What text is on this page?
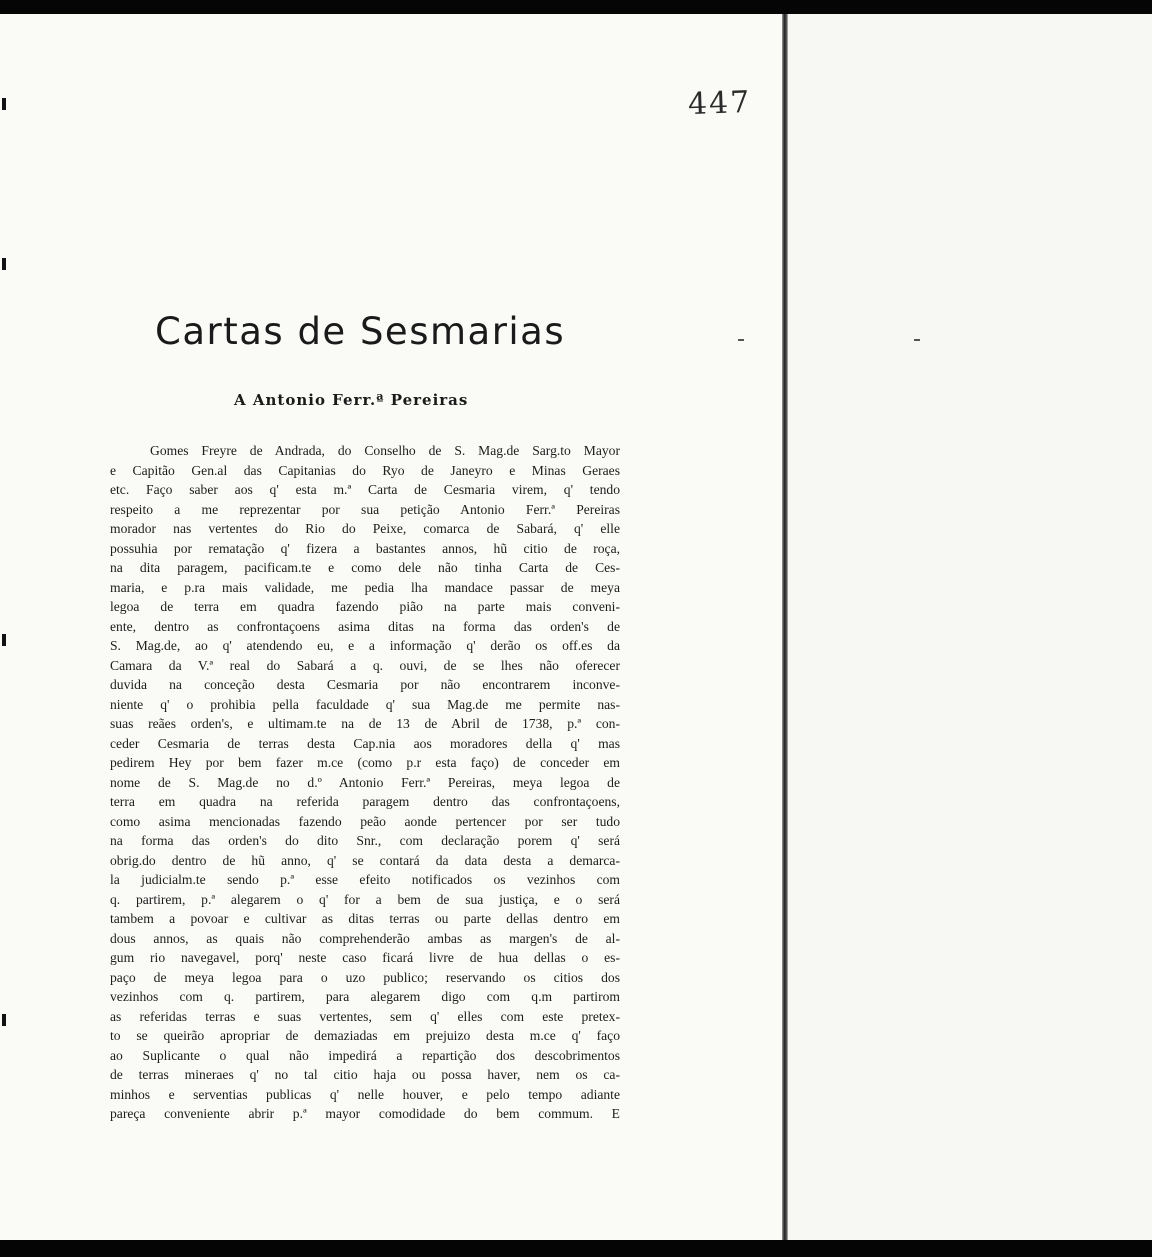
447
Cartas de Sesmarias
A Antonio Ferr.ª Pereiras
Gomes Freyre de Andrada, do Conselho de S. Mag.de Sarg.to Mayor
e Capitão Gen.al das Capitanias do Ryo de Janeyro e Minas Geraes
etc. Faço saber aos q' esta m.ª Carta de Cesmaria virem, q' tendo
respeito a me reprezentar por sua petição Antonio Ferr.ª Pereiras
morador nas vertentes do Rio do Peixe, comarca de Sabará, q' elle
possuhia por rematação q' fizera a bastantes annos, hũ citio de roça,
na dita paragem, pacificam.te e como dele não tinha Carta de Ces-
maria, e p.ra mais validade, me pedia lha mandace passar de meya
legoa de terra em quadra fazendo pião na parte mais conveni-
ente, dentro as confrontaçoens asima ditas na forma das orden's de
S. Mag.de, ao q' atendendo eu, e a informação q' derão os off.es da
Camara da V.ª real do Sabará a q. ouvi, de se lhes não oferecer
duvida na conceção desta Cesmaria por não encontrarem inconve-
niente q' o prohibia pella faculdade q' sua Mag.de me permite nas-
suas reães orden's, e ultimam.te na de 13 de Abril de 1738, p.ª con-
ceder Cesmaria de terras desta Cap.nia aos moradores della q' mas
pedirem Hey por bem fazer m.ce (como p.r esta faço) de conceder em
nome de S. Mag.de no d.º Antonio Ferr.ª Pereiras, meya legoa de
terra em quadra na referida paragem dentro das confrontaçoens,
como asima mencionadas fazendo peão aonde pertencer por ser tudo
na forma das orden's do dito Snr., com declaração porem q' será
obrig.do dentro de hũ anno, q' se contará da data desta a demarca-
la judicialm.te sendo p.ª esse efeito notificados os vezinhos com
q. partirem, p.ª alegarem o q' for a bem de sua justiça, e o será
tambem a povoar e cultivar as ditas terras ou parte dellas dentro em
dous annos, as quais não comprehenderão ambas as margen's de al-
gum rio navegavel, porq' neste caso ficará livre de hua dellas o es-
paço de meya legoa para o uzo publico; reservando os citios dos
vezinhos com q. partirem, para alegarem digo com q.m partirom
as referidas terras e suas vertentes, sem q' elles com este pretex-
to se queirão apropriar de demaziadas em prejuizo desta m.ce q' faço
ao Suplicante o qual não impedirá a repartição dos descobrimentos
de terras mineraes q' no tal citio haja ou possa haver, nem os ca-
minhos e serventias publicas q' nelle houver, e pelo tempo adiante
pareça conveniente abrir p.ª mayor comodidade do bem commum. E
